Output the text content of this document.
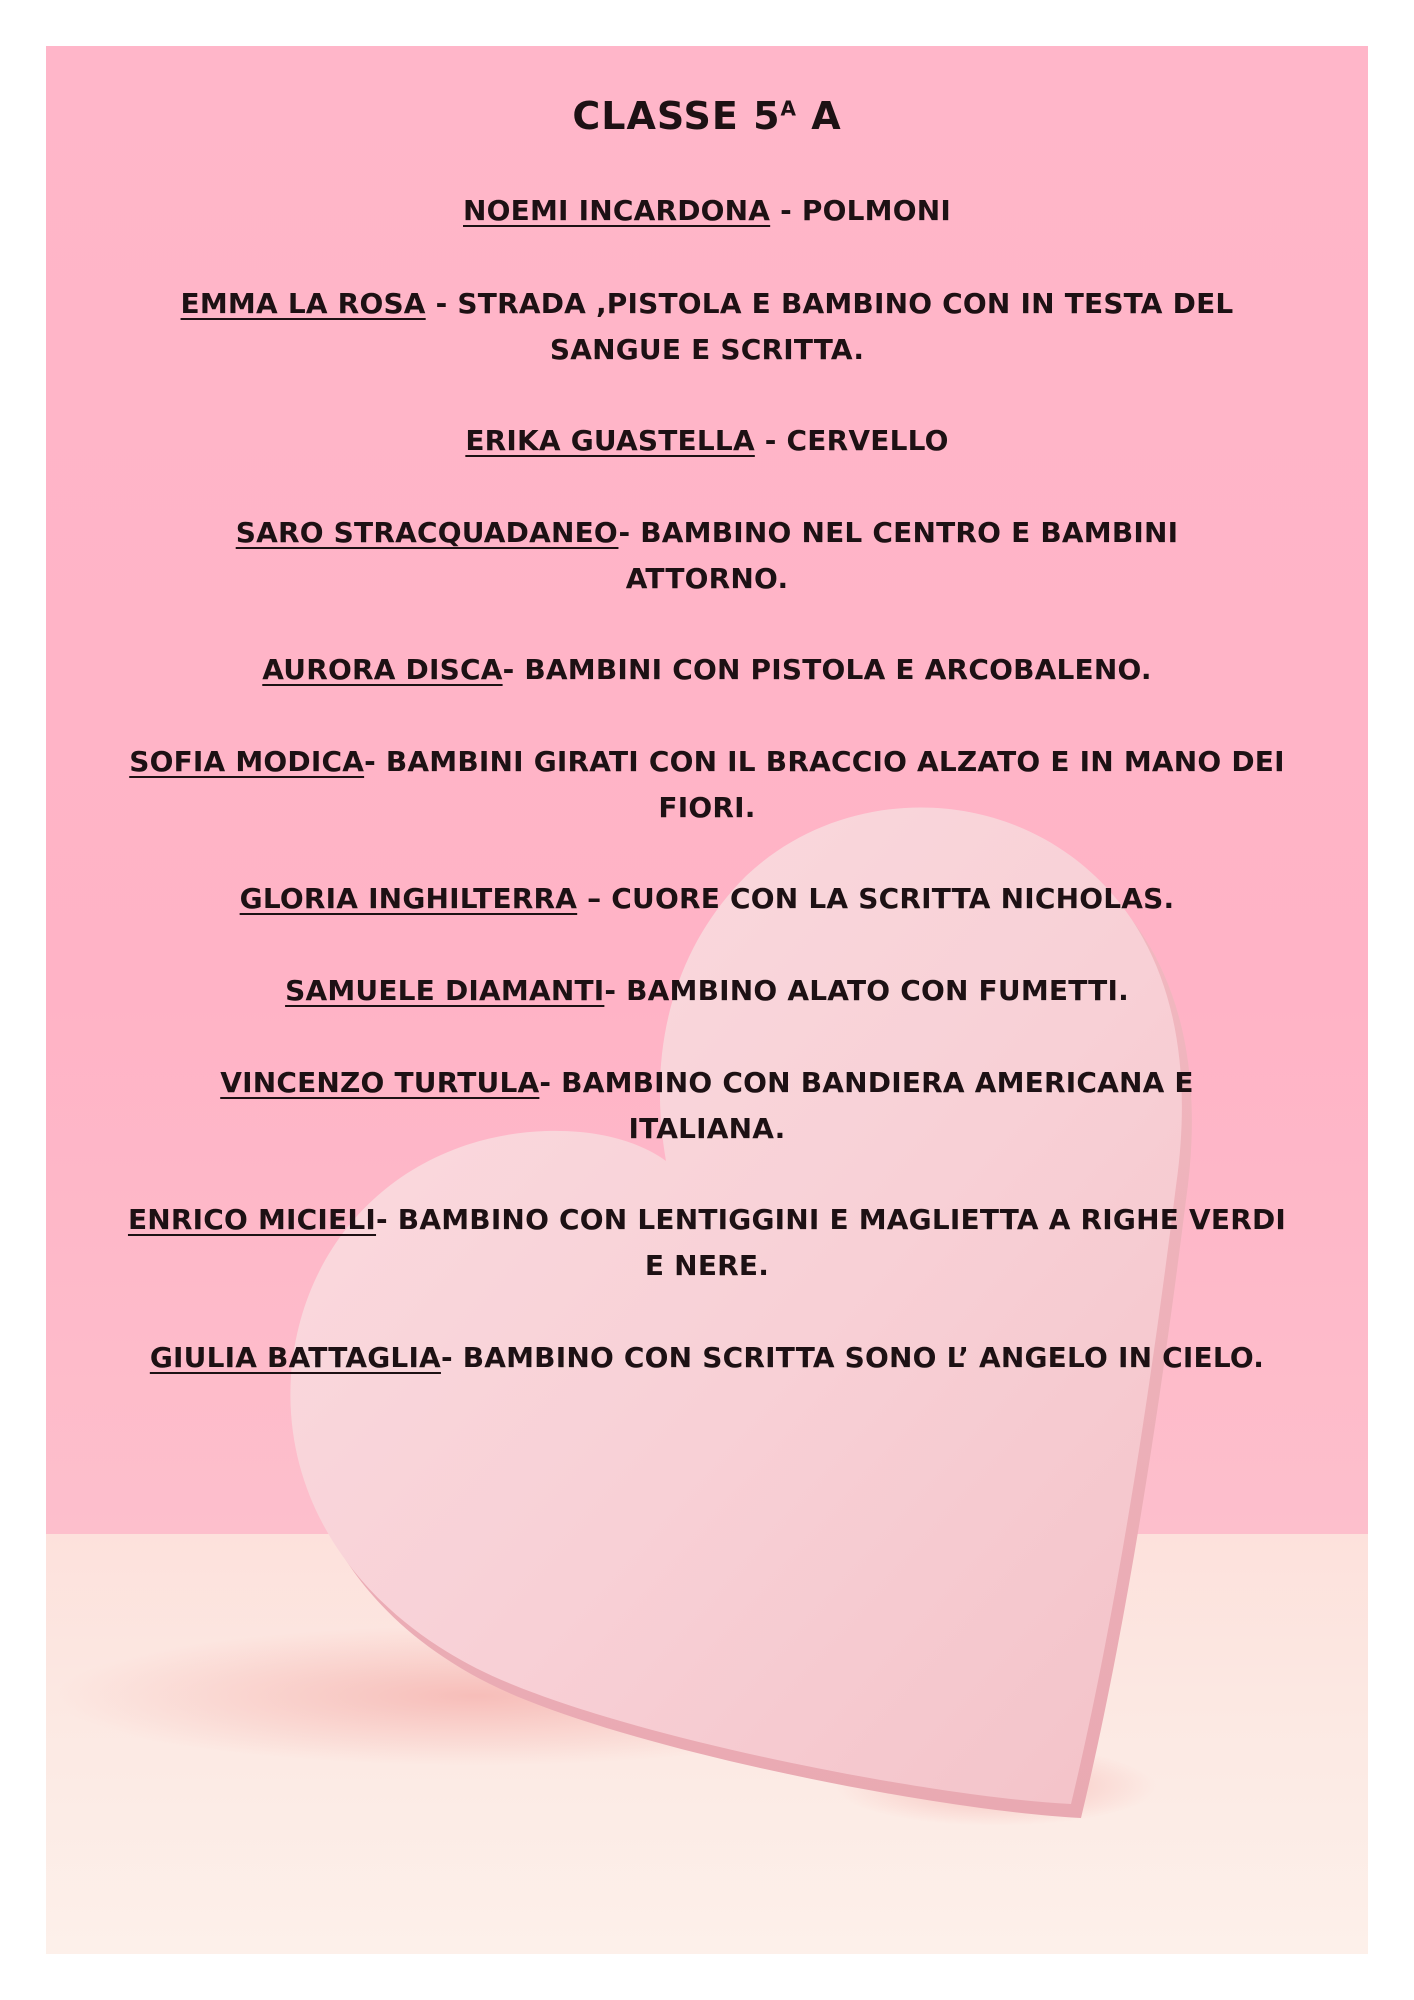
CLASSE $5^A$ A
NOEMI INCARDONA - POLMONI
EMMA LA ROSA - STRADA ,PISTOLA E BAMBINO CON IN TESTA DEL SANGUE E SCRITTA.
ERIKA GUASTELLA - CERVELLO
SARO STRACQUADANEO- BAMBINO NEL CENTRO E BAMBINI ATTORNO.
AURORA DISCA- BAMBINI CON PISTOLA E ARCOBALENO.
SOFIA MODICA- BAMBINI GIRATI CON IL BRACCIO ALZATO E IN MANO DEI FIORI.
GLORIA INGHILTERRA – CUORE CON LA SCRITTA NICHOLAS.
SAMUELE DIAMANTI- BAMBINO ALATO CON FUMETTI.
VINCENZO TURTULA- BAMBINO CON BANDIERA AMERICANA E ITALIANA.
ENRICO MICIELI- BAMBINO CON LENTIGGINI E MAGLIETTA A RIGHE VERDI E NERE.
GIULIA BATTAGLIA- BAMBINO CON SCRITTA SONO L’ ANGELO IN CIELO.
